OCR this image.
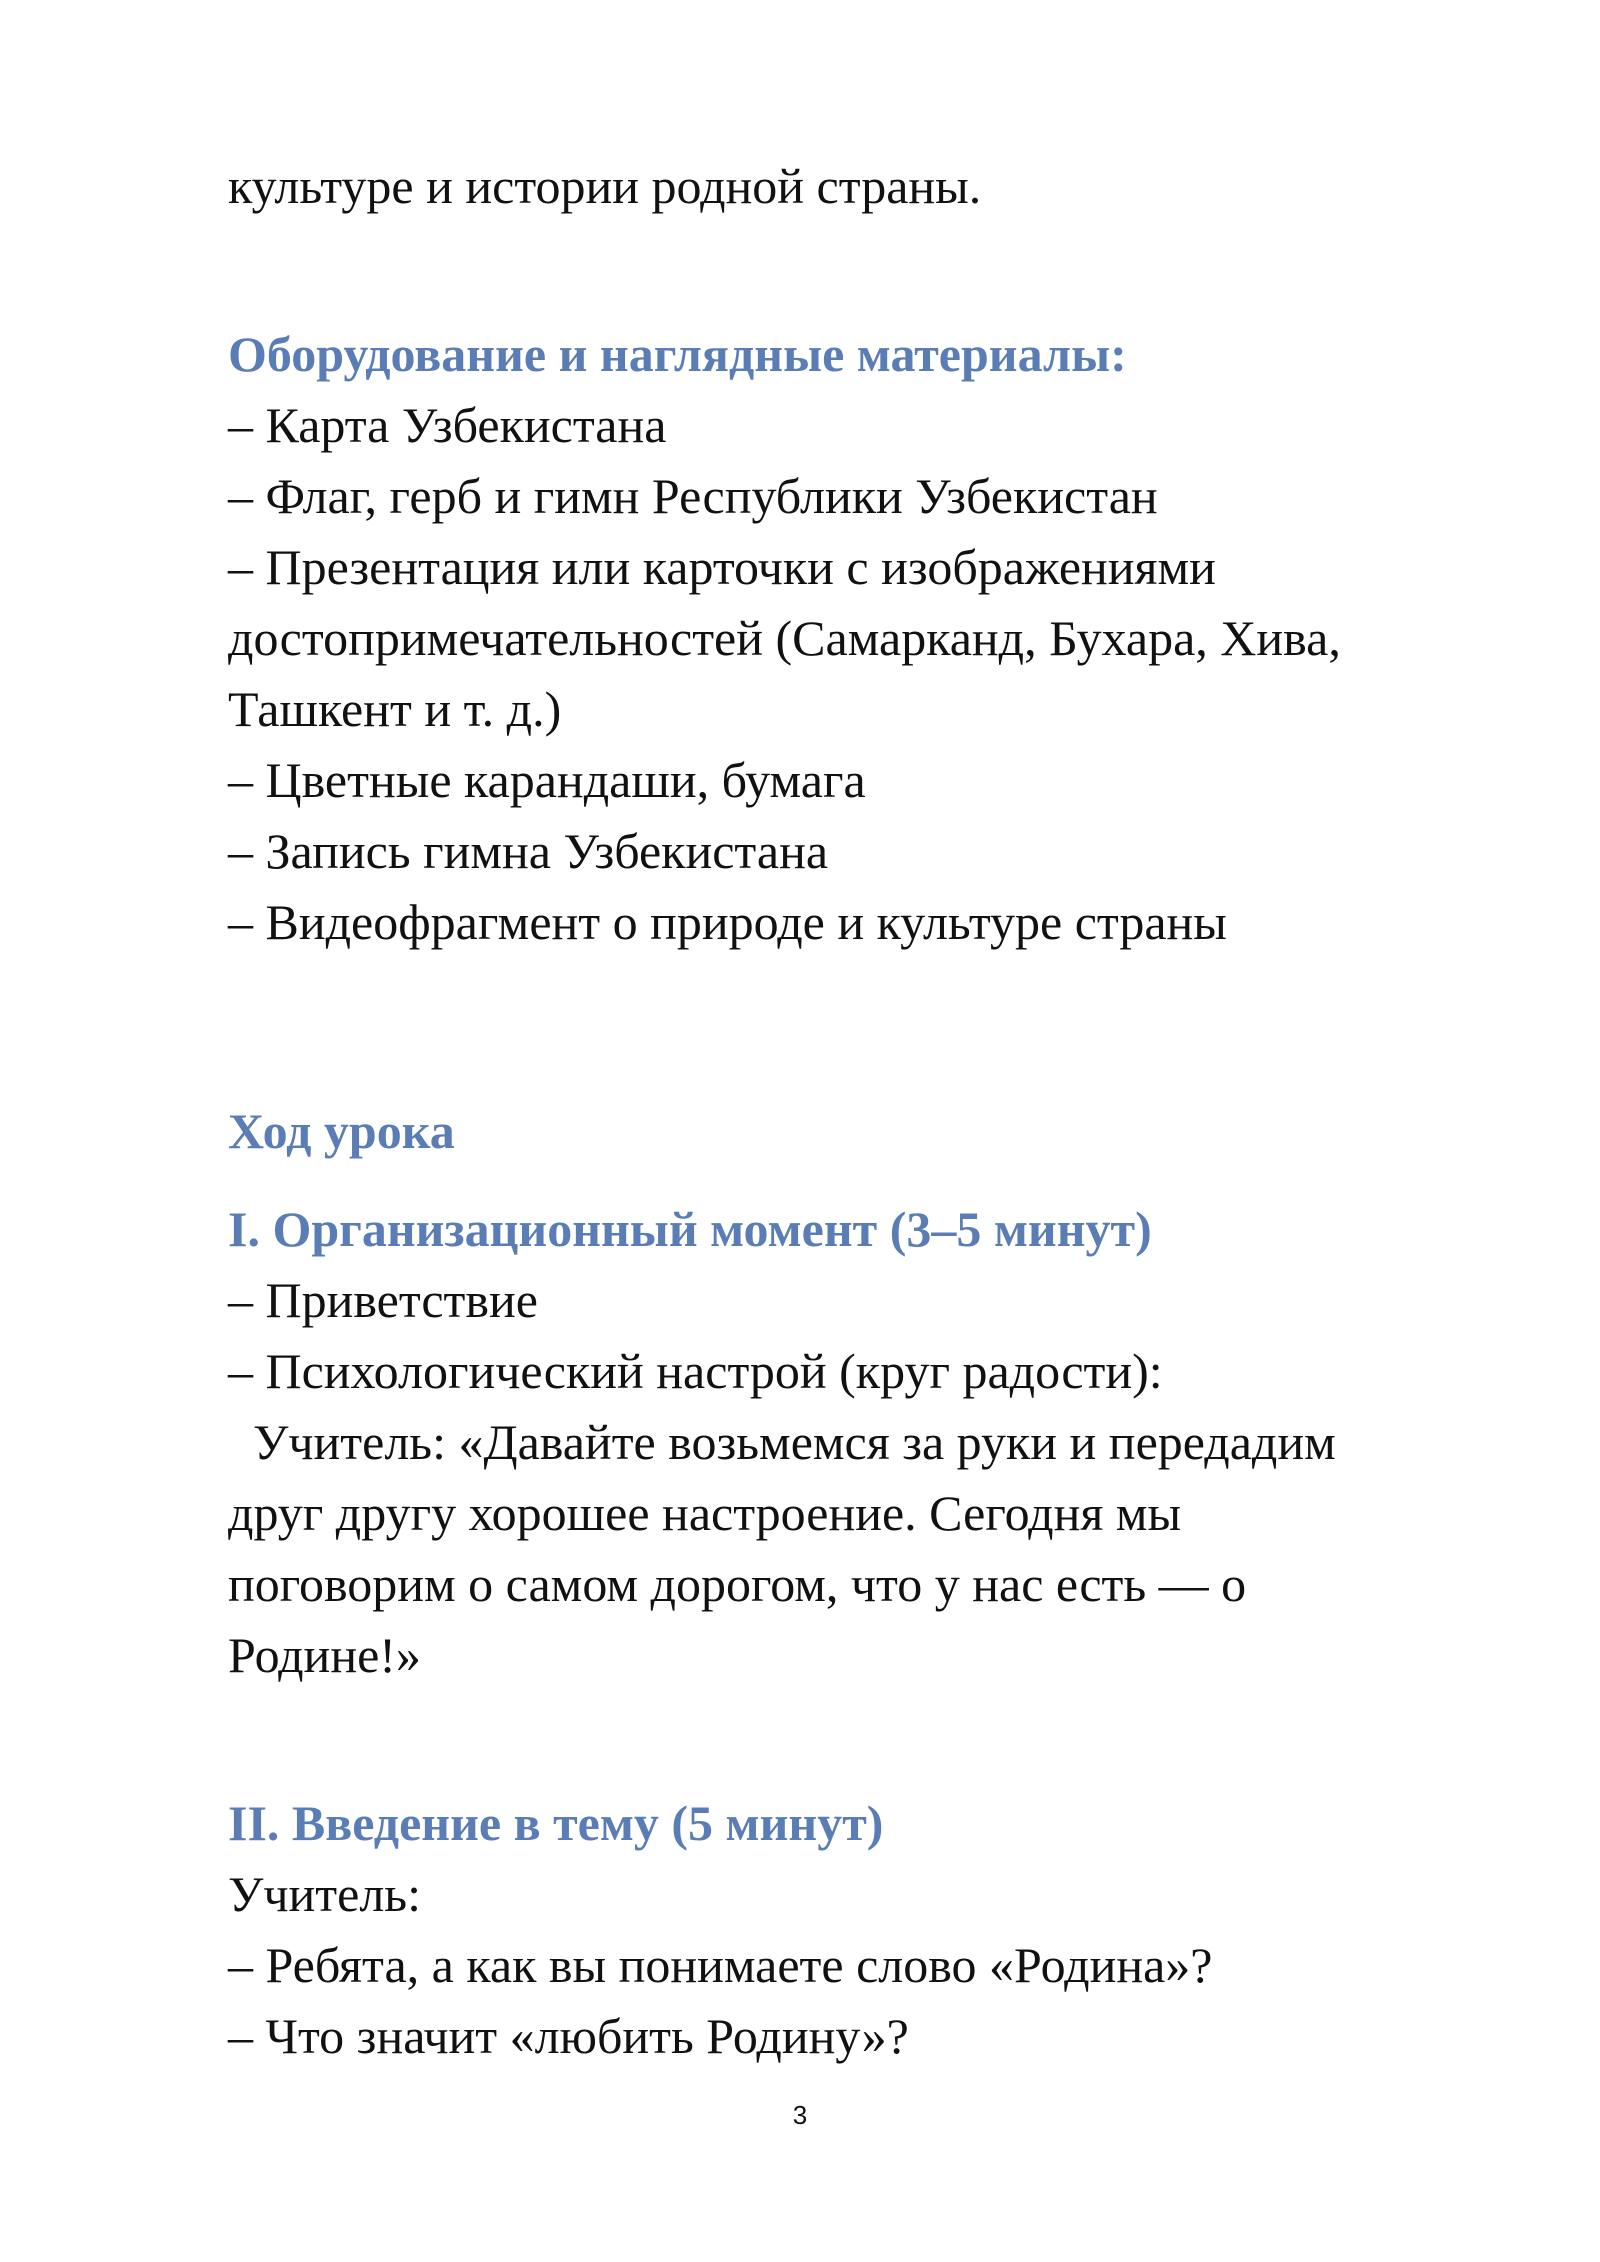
культуре и истории родной страны.
Оборудование и наглядные материалы:
– Карта Узбекистана
– Флаг, герб и гимн Республики Узбекистан
– Презентация или карточки с изображениями
достопримечательностей (Самарканд, Бухара, Хива,
Ташкент и т. д.)
– Цветные карандаши, бумага
– Запись гимна Узбекистана
– Видеофрагмент о природе и культуре страны
Ход урока
I. Организационный момент (3–5 минут)
– Приветствие
– Психологический настрой (круг радости):
Учитель: «Давайте возьмемся за руки и передадим
друг другу хорошее настроение. Сегодня мы
поговорим о самом дорогом, что у нас есть — о
Родине!»
II. Введение в тему (5 минут)
Учитель:
– Ребята, а как вы понимаете слово «Родина»?
– Что значит «любить Родину»?
3
